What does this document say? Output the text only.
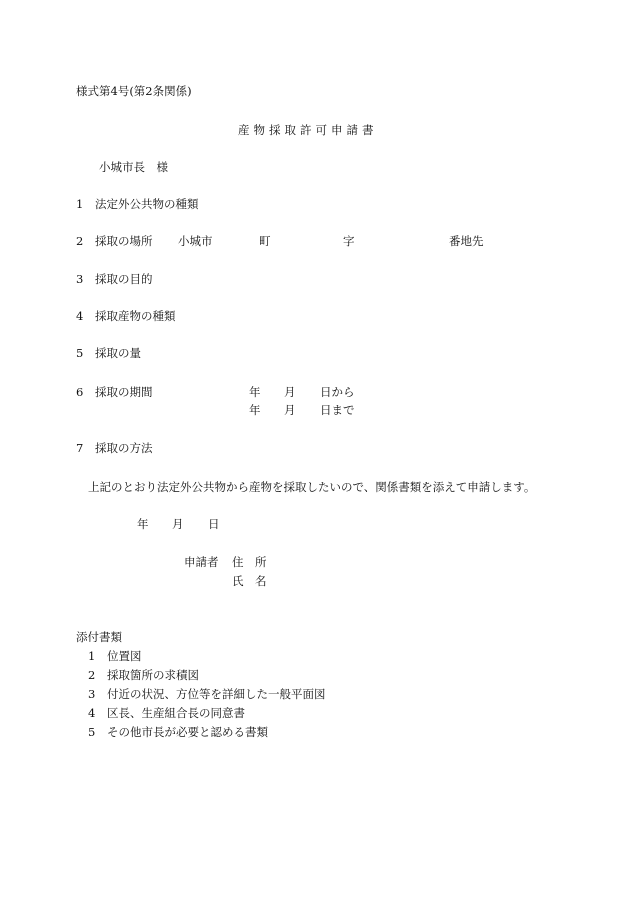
様式第4号(第2条関係)
産物採取許可申請書
小城市長　様
1 法定外公共物の種類
2 採取の場所 小城市	町	字	番地先
3 採取の目的
4 採取産物の種類
5 採取の量
6 採取の期間	年 月 日から
年 月 日まで
7 採取の方法
上記のとおり法定外公共物から産物を採取したいので、関係書類を添えて申請します。
年 月 日
申請者 住　所
氏　名
添付書類
1 位置図
2 採取箇所の求積図
3 付近の状況、方位等を詳細した一般平面図
4 区長、生産組合長の同意書
5 その他市長が必要と認める書類
